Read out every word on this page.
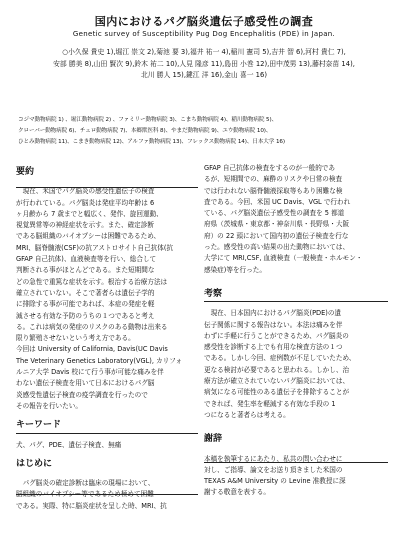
国内におけるパグ脳炎遺伝子感受性の調査
Genetic survey of Susceptibility Pug Dog Encephalitis (PDE) in Japan.
○小久保 貴史 1),堀江 崇文 2),菊池 要 3),福井 祐一 4),稲川 憲司 5),吉井 智 6),河村 貴仁 7),
安部 勝美 8),山田 賢次 9),鈴木 祐二 10),人見 隆彦 11),島田 小巻 12),田中茂男 13),藤村奈苗 14),
北川 勝人 15),鍵江 洋 16),金山 喜一 16)
コジマ動物病院 1) 、堀江動物病院 2) 、ファミリー動物病院 3)、こまち動物病院 4)、稲川動物病院 5)、
クローバー動物病院 6)、チェロ動物病院 7)、本郷獣医科 8)、やまだ動物病院 9)、ユウ動物病院 10)、
ひとみ動物病院 11)、こまき動物病院 12)、アルファ動物病院 13)、フレックス動物病院 14)、日本大学 16)
要約

　現在、米国でパグ脳炎の感受性遺伝子の検査

が行われている。パグ脳炎は発症平均年齢は 6

ヶ月齢から 7 歳までと幅広く、発作、旋回運動、

視覚異常等の神経症状を示す。また、確定診断

である脳組織のバイオプシーは困難であるため、

MRI、脳脊髄液(CSF)の抗アストロサイト自己抗体(抗

GFAP 自己抗体)、血液検査等を行い、総合して

判断される事がほとんどである。また短期間な

どの急性で重篤な症状を示す。根治する治療方法は

確立されていない。そこで著者らは遺伝子学的

に排除する事が可能であれば、本症の発症を軽

減させる有効な予防のうちの１つであると考え

る。これは病気の発症のリスクのある動物は出来る

限り繁殖させないという考え方である。

今回は University of California, Davis(UC Davis

The Veterinary Genetics Laboratory(VGL), カリフォ

ルニア大学 Davis 校にて行う事が可能な痛みを伴

わない遺伝子検査を用いて日本におけるパグ脳

炎感受性遺伝子検査の疫学調査を行ったので

その報告を行いたい。

キーワード

犬、パグ、PDE、遺伝子検査、無痛

はじめに

　パグ脳炎の確定診断は臨床の現場において、

脳組織のバイオプシー等であるため極めて困難

である。実際、特に脳炎症状を呈した時、MRI、抗

GFAP 自己抗体の検査をするのが一般的であ

るが、短期間での、麻酔のリスクや日常の検査

では行われない脳脊髄液採取等もあり困難な検

査である。今回、米国 UC Davis、VGL で行われ

ている、パグ脳炎遺伝子感受性の調査を 5 都道

府県（茨城県・東京都・神奈川県・長野県・大阪

府）の 22 頭において国内初の遺伝子検査を行な

った。感受性の高い結果の出た動物においては、

大学にて MRI,CSF, 血液検査（一般検査・ホルモン・

感染症)等を行った。

考察

　現在、日本国内におけるパグ脳炎(PDE)の遺

伝子関係に関する報告はない。本法は痛みを伴

わずに手軽に行うことができるため、パグ脳炎の

感受性を診断する上でも有用な検査方法の１つ

である。しかし今回、症例数が不足していたため、

更なる検討が必要であると思われる。しかし、治

療方法が確立されていないパグ脳炎においては、

病気になる可能性のある遺伝子を排除することが

できれば、発生率を軽減する有効な手段の 1

つになると著者らは考える。

謝辞

本稿を執筆するにあたり、私共の問い合わせに

対し、ご指導、論文をお送り頂きました米国の

TEXAS A&M University の Levine 准教授に深

謝する敬意を表する。
